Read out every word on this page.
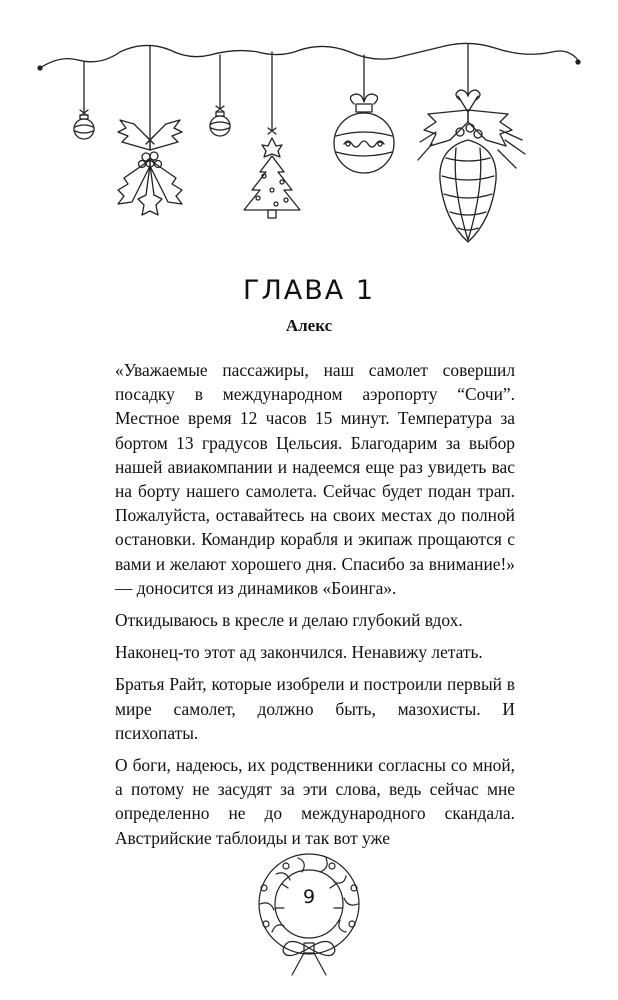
ГЛАВА 1
Алекс

«Уважаемые пассажиры, наш самолет совершил посадку в международном аэропорту “Сочи”. Местное время 12 часов 15 минут. Температура за бортом 13 градусов Цельсия. Благодарим за выбор нашей авиакомпании и надеемся еще раз увидеть вас на борту нашего самолета. Сейчас будет подан трап. Пожалуйста, оставайтесь на своих местах до полной остановки. Командир корабля и экипаж прощаются с вами и желают хорошего дня. Спасибо за внимание!» — доносится из динамиков «Боинга».

Откидываюсь в кресле и делаю глубокий вдох.

Наконец-то этот ад закончился. Ненавижу летать.

Братья Райт, которые изобрели и построили первый в мире самолет, должно быть, мазохисты. И психопаты.

О боги, надеюсь, их родственники согласны со мной, а потому не засудят за эти слова, ведь сейчас мне определенно не до международного скандала. Австрийские таблоиды и так вот уже

9
